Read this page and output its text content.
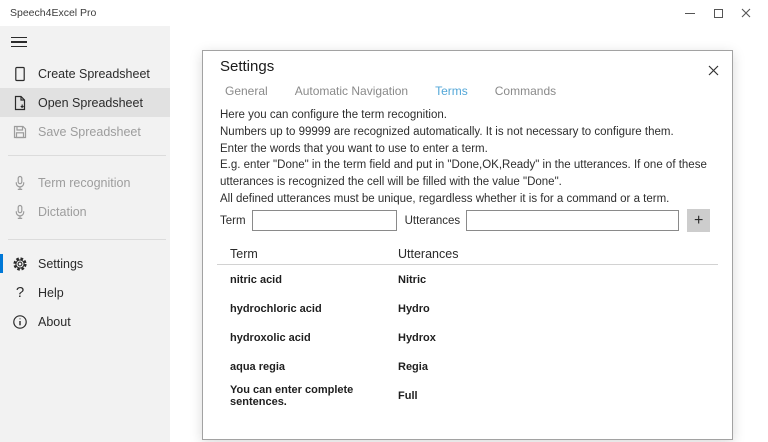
Speech4Excel Pro
Create Spreadsheet
Open Spreadsheet
Save Spreadsheet
Term recognition
Dictation
Settings
? Help
About
Settings
General Automatic Navigation Terms Commands
Here you can configure the term recognition.
Numbers up to 99999 are recognized automatically. It is not necessary to configure them.
Enter the words that you want to use to enter a term.
E.g. enter "Done" in the term field and put in "Done,OK,Ready" in the utterances. If one of these utterances is recognized the cell will be filled with the value "Done".
All defined utterances must be unique, regardless whether it is for a command or a term.
Term	Utterances	+
Term	Utterances
nitric acid	Nitric
hydrochloric acid	Hydro
hydroxolic acid	Hydrox
aqua regia	Regia
You can enter complete sentences.	Full
